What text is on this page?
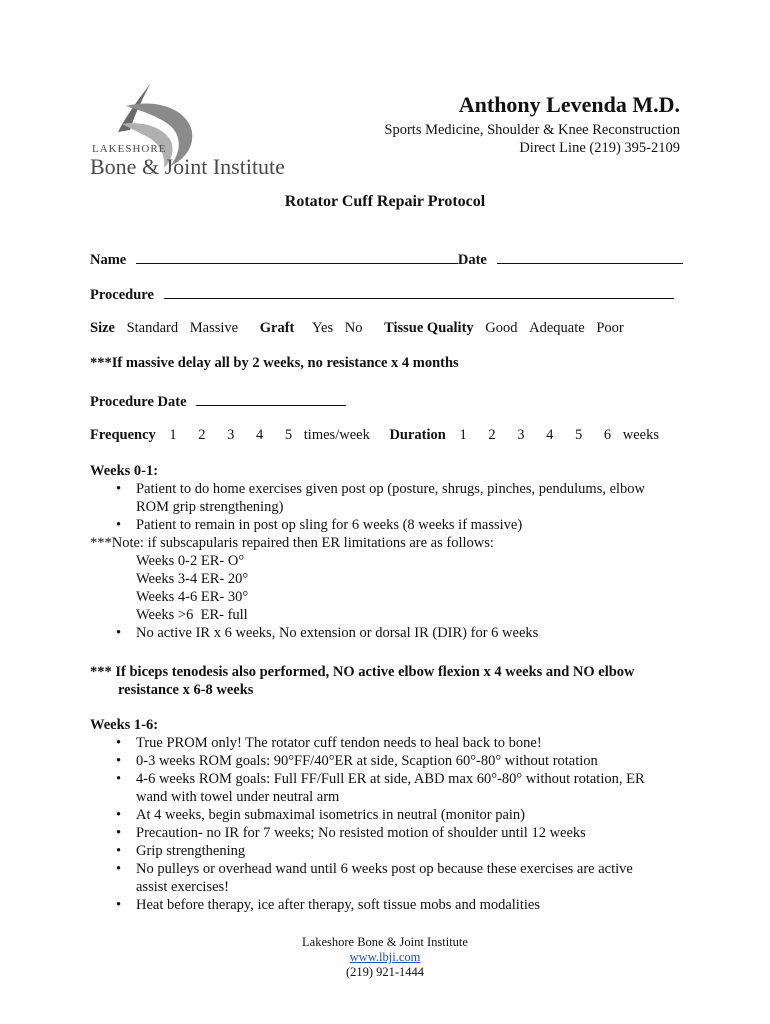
LAKESHORE
Bone & Joint Institute
Anthony Levenda M.D.
Sports Medicine, Shoulder & Knee Reconstruction
Direct Line (219) 395-2109
Rotator Cuff Repair Protocol
Name	Date
Procedure
Size Standard Massive Graft Yes No Tissue Quality Good Adequate Poor
***If massive delay all by 2 weeks, no resistance x 4 months
Procedure Date
Frequency 1 2 3 4 5 times/week Duration 1 2 3 4 5 6 weeks
Weeks 0-1:
• Patient to do home exercises given post op (posture, shrugs, pinches, pendulums, elbow
ROM grip strengthening)
• Patient to remain in post op sling for 6 weeks (8 weeks if massive)
***Note: if subscapularis repaired then ER limitations are as follows:
Weeks 0-2 ER- O°
Weeks 3-4 ER- 20°
Weeks 4-6 ER- 30°
Weeks >6  ER- full
• No active IR x 6 weeks, No extension or dorsal IR (DIR) for 6 weeks
*** If biceps tenodesis also performed, NO active elbow flexion x 4 weeks and NO elbow
resistance x 6-8 weeks
Weeks 1-6:
• True PROM only! The rotator cuff tendon needs to heal back to bone!
• 0-3 weeks ROM goals: 90°FF/40°ER at side, Scaption 60°-80° without rotation
• 4-6 weeks ROM goals: Full FF/Full ER at side, ABD max 60°-80° without rotation, ER
wand with towel under neutral arm
• At 4 weeks, begin submaximal isometrics in neutral (monitor pain)
• Precaution- no IR for 7 weeks; No resisted motion of shoulder until 12 weeks
• Grip strengthening
• No pulleys or overhead wand until 6 weeks post op because these exercises are active
assist exercises!
• Heat before therapy, ice after therapy, soft tissue mobs and modalities
Lakeshore Bone & Joint Institute
www.lbji.com
(219) 921-1444
